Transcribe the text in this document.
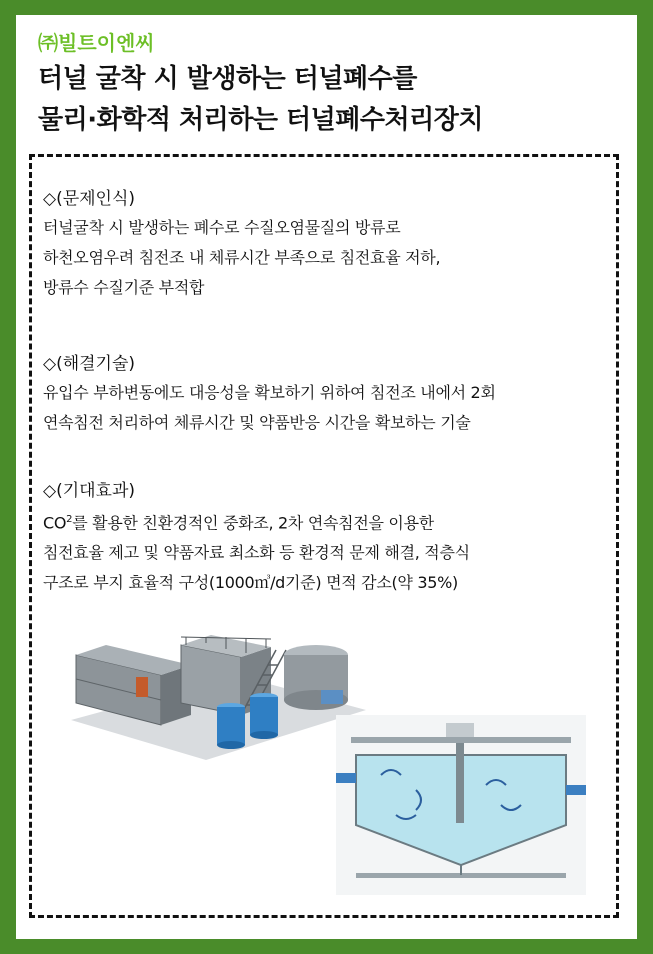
㈜빌트이엔씨
터널 굴착 시 발생하는 터널폐수를
물리·화학적 처리하는 터널폐수처리장치
◇(문제인식)

터널굴착 시 발생하는 폐수로 수질오염물질의 방류로

하천오염우려 침전조 내 체류시간 부족으로 침전효율 저하,

방류수 수질기준 부적합

◇(해결기술)

유입수 부하변동에도 대응성을 확보하기 위하여 침전조 내에서 2회

연속침전 처리하여 체류시간 및 약품반응 시간을 확보하는 기술

◇(기대효과)

$CO^2$를 활용한 친환경적인 중화조, 2차 연속침전을 이용한

침전효율 제고 및 약품자료 최소화 등 환경적 문제 해결, 적층식

구조로 부지 효율적 구성(1000㎥/d기준) 면적 감소(약 35%)
